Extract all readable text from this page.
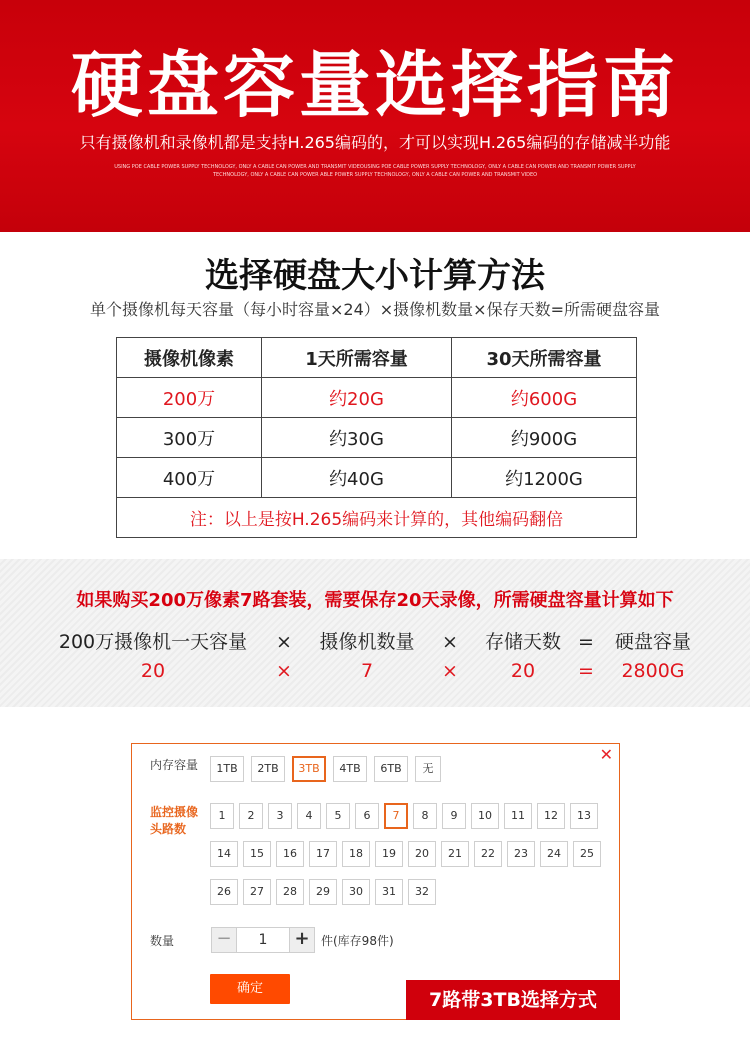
硬盘容量选择指南
只有摄像机和录像机都是支持H.265编码的，才可以实现H.265编码的存储减半功能
USING POE CABLE POWER SUPPLY TECHNOLOGY, ONLY A CABLE CAN POWER AND TRANSMIT VIDEOUSING POE CABLE POWER SUPPLY TECHNOLOGY, ONLY A CABLE CAN POWER AND TRANSMIT POWER SUPPLY TECHNOLOGY, ONLY A CABLE CAN POWER ABLE POWER SUPPLY TECHNOLOGY, ONLY A CABLE CAN POWER AND TRANSMIT VIDEO
选择硬盘大小计算方法
单个摄像机每天容量（每小时容量×24）×摄像机数量×保存天数=所需硬盘容量
摄像机像素	1天所需容量	30天所需容量
200万	约20G	约600G
300万	约30G	约900G
400万	约40G	约1200G
注：以上是按H.265编码来计算的，其他编码翻倍		
如果购买200万像素7路套装，需要保存20天录像，所需硬盘容量计算如下
200万摄像机一天容量 ×	摄像机数量	×	存储天数 =	硬盘容量
20	×	7	×	20	=	2800G
✕
内存容量	1TB	2TB	3TB	4TB	6TB	无
监控摄像
头路数
1	2	3	4	5	6	7	8	9	10	11	12	13
14	15	16	17	18	19	20	21	22	23	24	25
26	27	28	29	30	31	32
数量	−	1	+ 件(库存98件)
确定
7路带3TB选择方式
